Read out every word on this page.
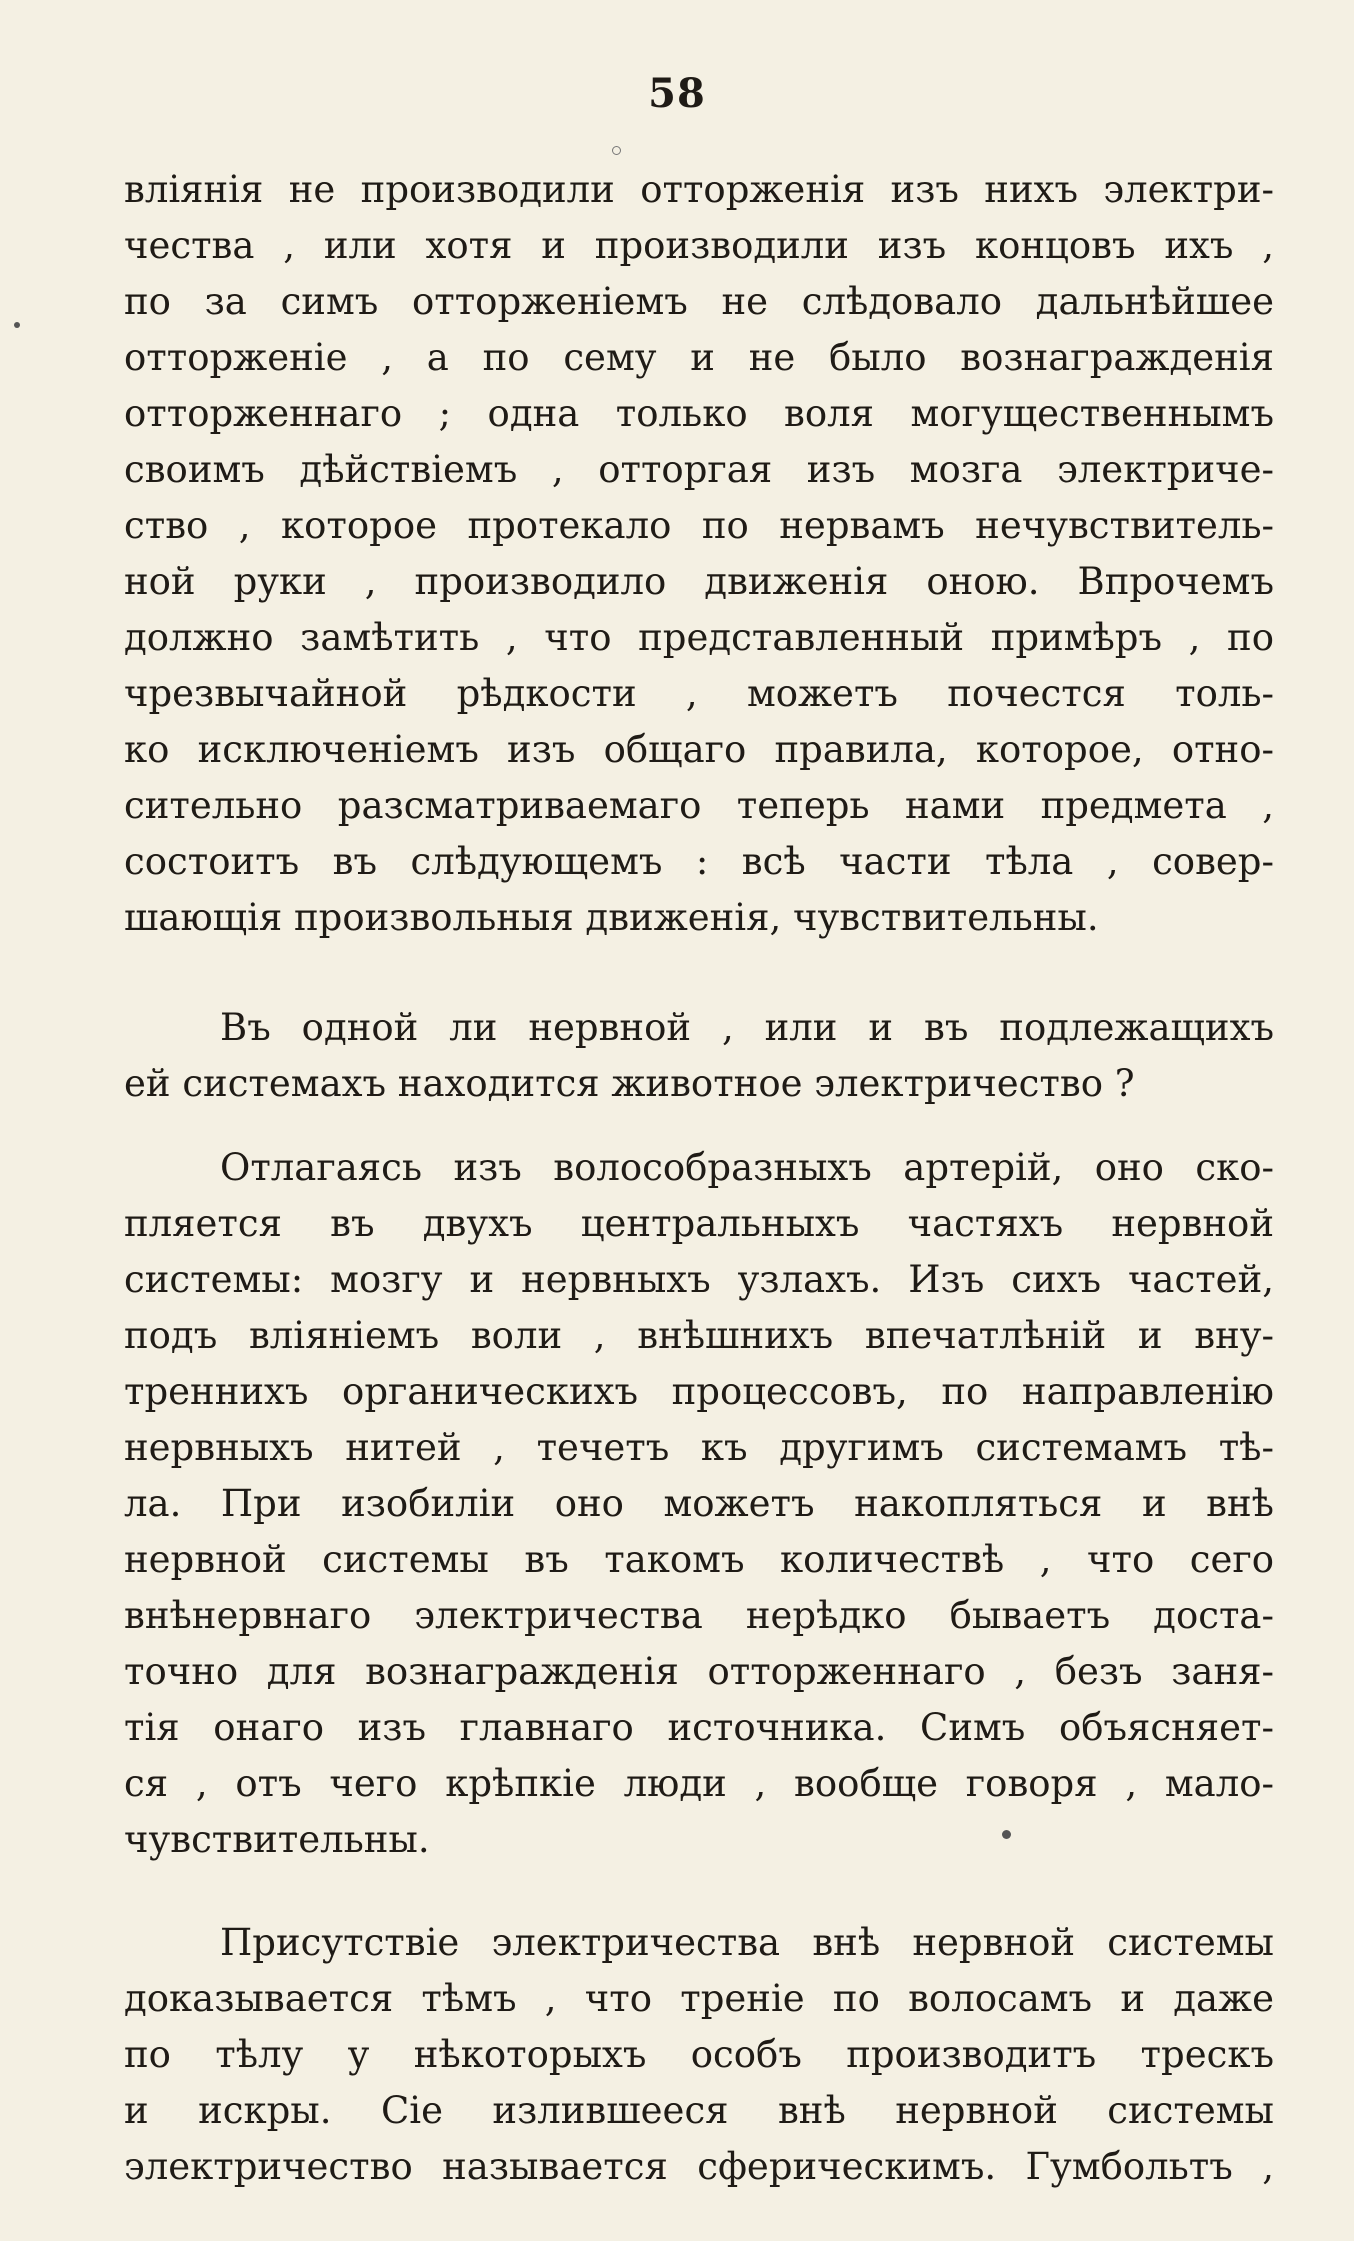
58
влiянiя не производили отторженiя изъ нихъ электри-
чества , или хотя и производили изъ концовъ ихъ ,
по за симъ отторженiемъ не слѣдовало дальнѣйшее
отторженiе , а по сему и не было вознагражденiя
отторженнаго ; одна только воля могущественнымъ
своимъ дѣйствiемъ , отторгая изъ мозга электриче-
ство , которое протекало по нервамъ нечувствитель-
ной руки , производило движенiя оною. Впрочемъ
должно замѣтить , что представленный примѣръ , по
чрезвычайной рѣдкости , можетъ почестся толь-
ко исключенiемъ изъ общаго правила, которое, отно-
сительно разсматриваемаго теперь нами предмета ,
состоитъ въ слѣдующемъ : всѣ части тѣла , совер-
шающiя произвольныя движенiя, чувствительны.
Въ одной ли нервной , или и въ подлежащихъ
ей системахъ находится животное электричество ?
Отлагаясь изъ волособразныхъ артерiй, оно ско-
пляется въ двухъ центральныхъ частяхъ нервной
системы: мозгу и нервныхъ узлахъ. Изъ сихъ частей,
подъ влiянiемъ воли , внѣшнихъ впечатлѣнiй и вну-
треннихъ органическихъ процессовъ, по направленiю
нервныхъ нитей , течетъ къ другимъ системамъ тѣ-
ла. При изобилiи оно можетъ накопляться и внѣ
нервной системы въ такомъ количествѣ , что сего
внѣнервнаго электричества нерѣдко бываетъ доста-
точно для вознагражденiя отторженнаго , безъ заня-
тiя онаго изъ главнаго источника. Симъ объясняет-
ся , отъ чего крѣпкiе люди , вообще говоря , мало-
чувствительны.
Присутствiе электричества внѣ нервной системы
доказывается тѣмъ , что тренiе по волосамъ и даже
по тѣлу у нѣкоторыхъ особъ производитъ трескъ
и искры. Сiе излившееся внѣ нервной системы
электричество называется сферическимъ. Гумбольтъ ,
